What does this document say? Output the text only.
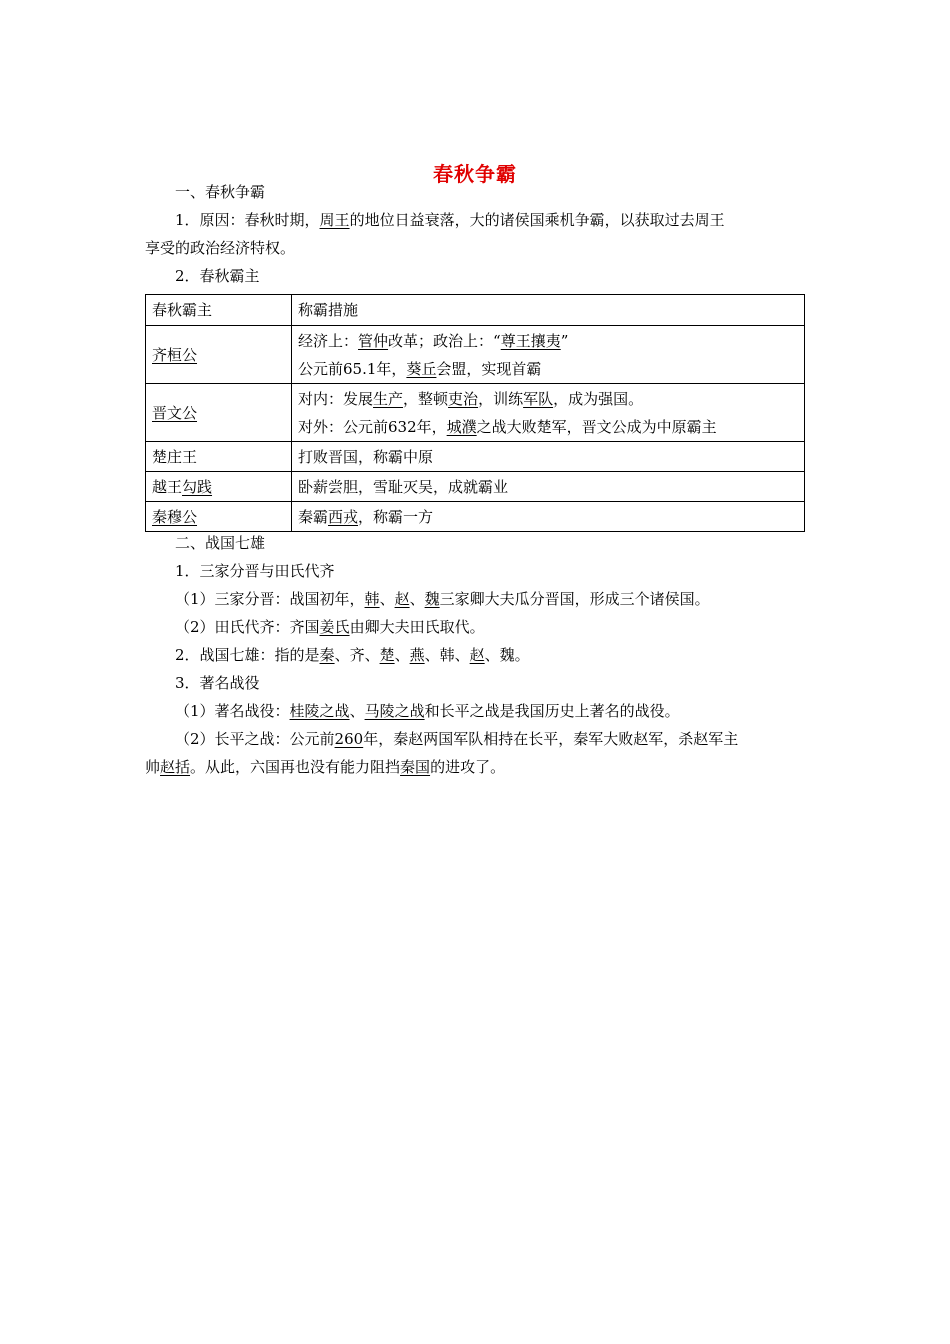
春秋争霸
一、春秋争霸
1．原因：春秋时期，周王的地位日益衰落，大的诸侯国乘机争霸，以获取过去周王
享受的政治经济特权。
2．春秋霸主
春秋霸主	称霸措施
齐桓公	经济上：管仲改革；政治上：“尊王攘夷”
公元前65.1年，葵丘会盟，实现首霸

晋文公	对内：发展生产，整顿吏治，训练军队，成为强国。
对外：公元前632年，城濮之战大败楚军，晋文公成为中原霸主

楚庄王	打败晋国，称霸中原
越王勾践	卧薪尝胆，雪耻灭吴，成就霸业
秦穆公	秦霸西戎，称霸一方
二、战国七雄
1．三家分晋与田氏代齐
（1）三家分晋：战国初年，韩、赵、魏三家卿大夫瓜分晋国，形成三个诸侯国。
（2）田氏代齐：齐国姜氏由卿大夫田氏取代。
2．战国七雄：指的是秦、齐、楚、燕、韩、赵、魏。
3．著名战役
（1）著名战役：桂陵之战、马陵之战和长平之战是我国历史上著名的战役。
（2）长平之战：公元前260年，秦赵两国军队相持在长平，秦军大败赵军，杀赵军主
帅赵括。从此，六国再也没有能力阻挡秦国的进攻了。
